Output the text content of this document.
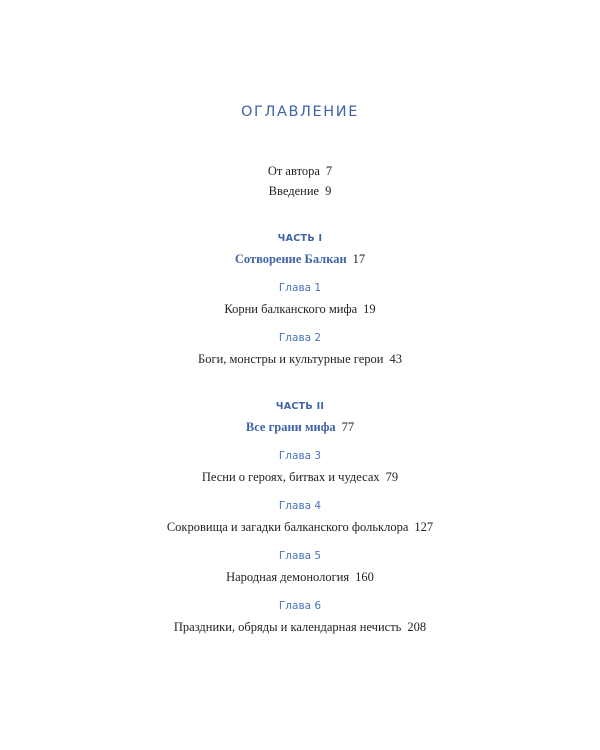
ОГЛАВЛЕНИЕ
От автора 7
Введение 9
ЧАСТЬ I
Сотворение Балкан 17
Глава 1
Корни балканского мифа 19
Глава 2
Боги, монстры и культурные герои 43
ЧАСТЬ II
Все грани мифа 77
Глава 3
Песни о героях, битвах и чудесах 79
Глава 4
Сокровища и загадки балканского фольклора 127
Глава 5
Народная демонология 160
Глава 6
Праздники, обряды и календарная нечисть 208
